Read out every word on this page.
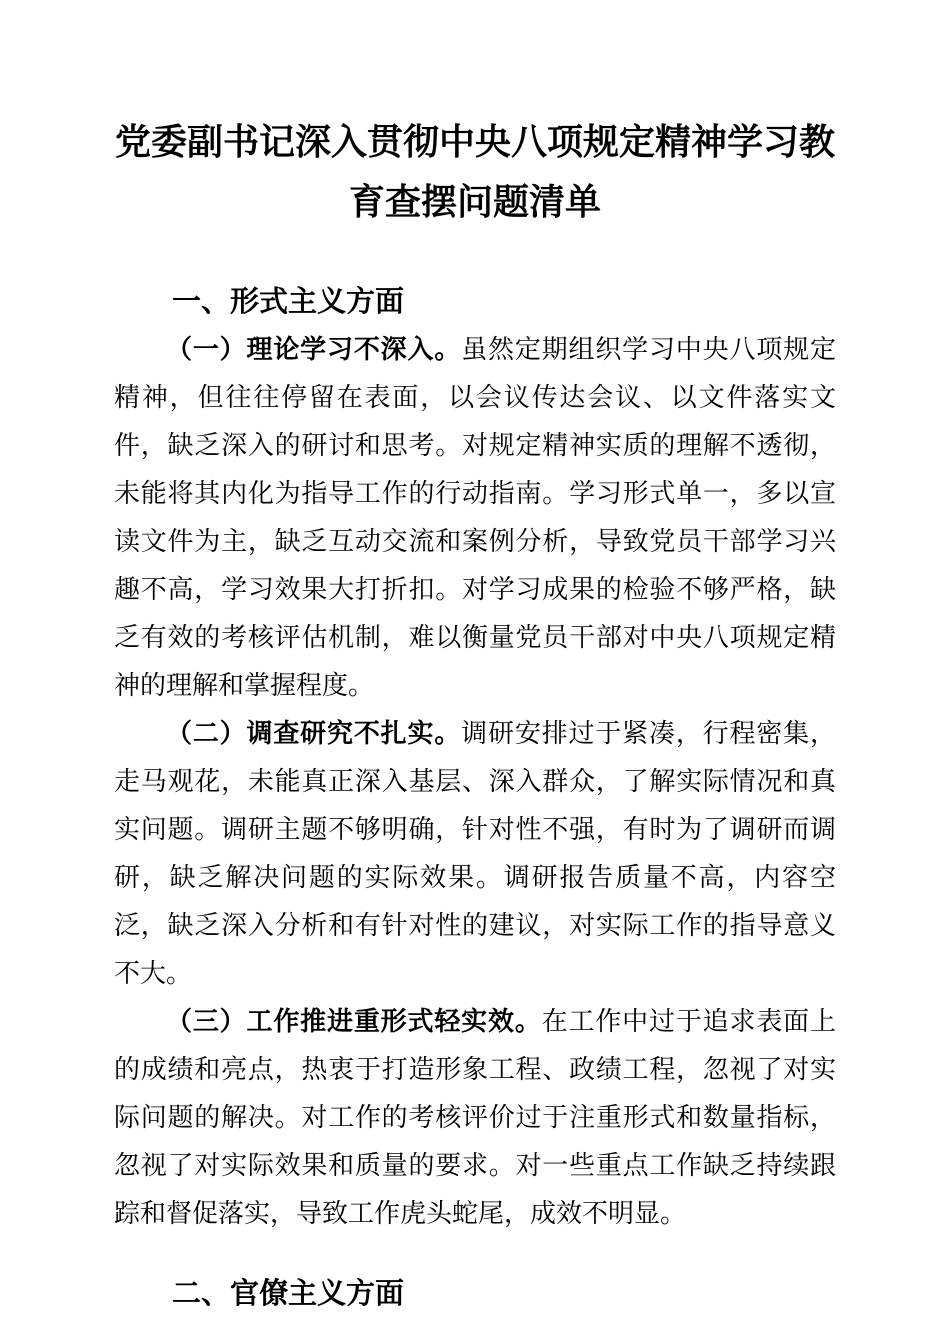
党委副书记深入贯彻中央八项规定精神学习教育查摆问题清单
一、形式主义方面

（一）理论学习不深入。虽然定期组织学习中央八项规定精神，但往往停留在表面，以会议传达会议、以文件落实文件，缺乏深入的研讨和思考。对规定精神实质的理解不透彻，未能将其内化为指导工作的行动指南。学习形式单一，多以宣读文件为主，缺乏互动交流和案例分析，导致党员干部学习兴趣不高，学习效果大打折扣。对学习成果的检验不够严格，缺乏有效的考核评估机制，难以衡量党员干部对中央八项规定精神的理解和掌握程度。

（二）调查研究不扎实。调研安排过于紧凑，行程密集，走马观花，未能真正深入基层、深入群众，了解实际情况和真实问题。调研主题不够明确，针对性不强，有时为了调研而调研，缺乏解决问题的实际效果。调研报告质量不高，内容空泛，缺乏深入分析和有针对性的建议，对实际工作的指导意义不大。

（三）工作推进重形式轻实效。在工作中过于追求表面上的成绩和亮点，热衷于打造形象工程、政绩工程，忽视了对实际问题的解决。对工作的考核评价过于注重形式和数量指标，忽视了对实际效果和质量的要求。对一些重点工作缺乏持续跟踪和督促落实，导致工作虎头蛇尾，成效不明显。

二、官僚主义方面
